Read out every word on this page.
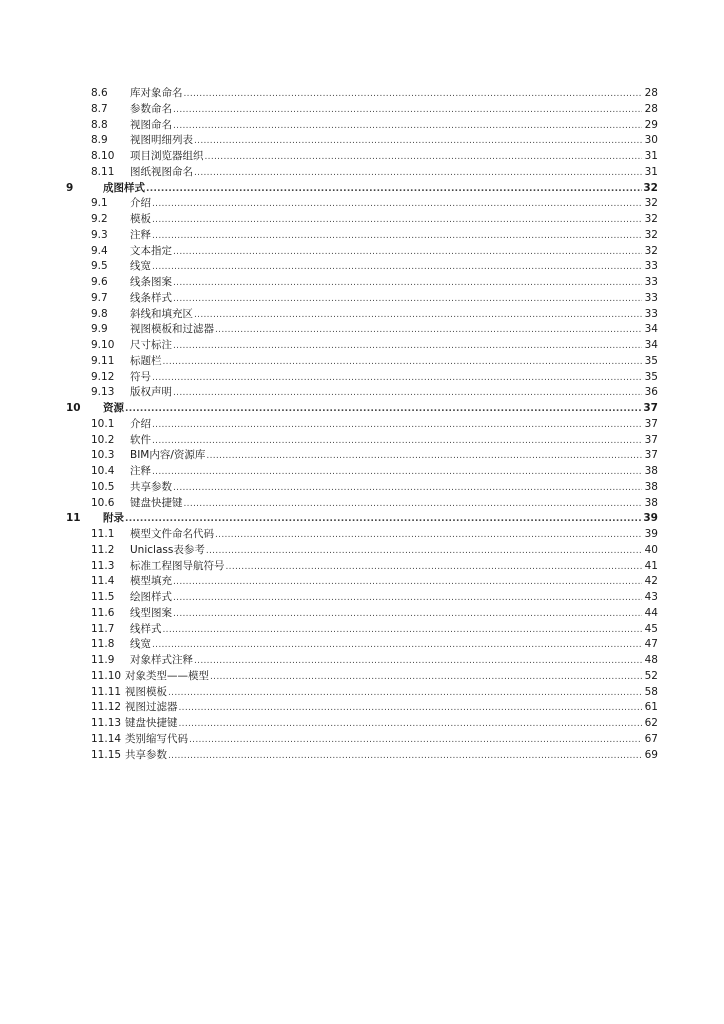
8.6 库对象命名 .....	28
8.7 参数命名 .....	28
8.8 视图命名 .....	29
8.9 视图明细列表 .....	30
8.10 项目浏览器组织 .....	31
8.11 图纸视图命名 .....	31
9	成图样式 .....	32
9.1 介绍 .....	32
9.2 模板 .....	32
9.3 注释 .....	32
9.4 文本指定 .....	32
9.5 线宽 .....	33
9.6 线条图案 .....	33
9.7 线条样式 .....	33
9.8 斜线和填充区 .....	33
9.9 视图模板和过滤器 .....	34
9.10 尺寸标注 .....	34
9.11 标题栏 .....	35
9.12 符号 .....	35
9.13 版权声明 .....	36
10 资源 .....	37
10.1 介绍 .....	37
10.2 软件 .....	37
10.3 BIM内容/资源库 .....	37
10.4 注释 .....	38
10.5 共享参数 .....	38
10.6 键盘快捷键 .....	38
11 附录 .....	39
11.1 模型文件命名代码 .....	39
11.2 Uniclass表参考 .....	40
11.3 标准工程图导航符号 .....	41
11.4 模型填充 .....	42
11.5 绘图样式 .....	43
11.6 线型图案 .....	44
11.7 线样式 .....	45
11.8 线宽 .....	47
11.9 对象样式注释 .....	48
11.10 对象类型——模型 .....	52
11.11 视图模板 .....	58
11.12 视图过滤器 .....	61
11.13 键盘快捷键 .....	62
11.14 类别缩写代码 .....	67
11.15 共享参数 .....	69
